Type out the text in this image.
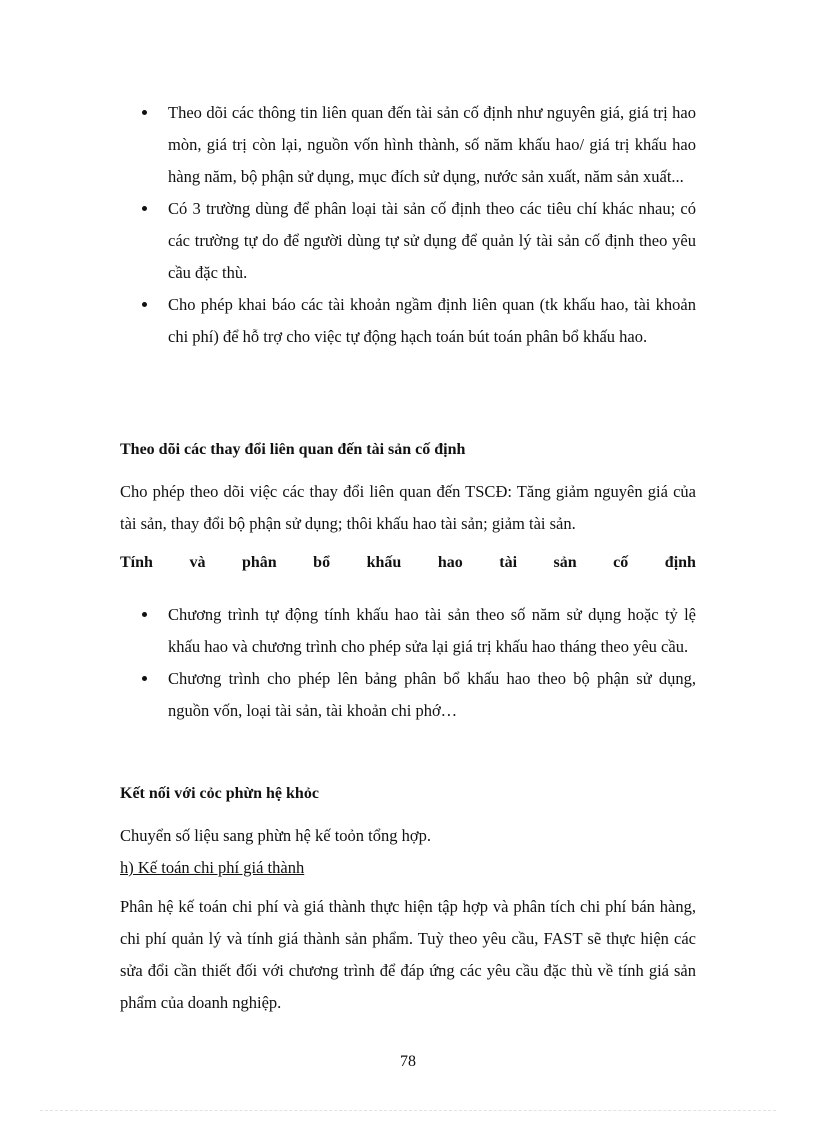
Theo dõi các thông tin liên quan đến tài sản cố định như nguyên giá, giá trị hao mòn, giá trị còn lại, nguồn vốn hình thành, số năm khấu hao/ giá trị khấu hao hàng năm, bộ phận sử dụng, mục đích sử dụng, nước sản xuất, năm sản xuất...
Có 3 trường dùng để phân loại tài sản cố định theo các tiêu chí khác nhau; có các trường tự do để người dùng tự sử dụng để quản lý tài sản cố định theo yêu cầu đặc thù.
Cho phép khai báo các tài khoản ngầm định liên quan (tk khấu hao, tài khoản chi phí) để hỗ trợ cho việc tự động hạch toán bút toán phân bổ khấu hao.
Theo dõi các thay đổi liên quan đến tài sản cố định
Cho phép theo dõi việc các thay đổi liên quan đến TSCĐ: Tăng giảm nguyên giá của tài sản, thay đổi bộ phận sử dụng; thôi khấu hao tài sản; giảm tài sản.
Tính và phân bổ khấu hao tài sản cố định
Chương trình tự động tính khấu hao tài sản theo số năm sử dụng hoặc tỷ lệ khấu hao và chương trình cho phép sửa lại giá trị khấu hao tháng theo yêu cầu.
Chương trình cho phép lên bảng phân bổ khấu hao theo bộ phận sử dụng, nguồn vốn, loại tài sản, tài khoản chi phớ…
Kết nối với cỏc phừn hệ khỏc
Chuyển số liệu sang phừn hệ kế toỏn tổng hợp.
h) Kế toán chi phí giá thành
Phân hệ kế toán chi phí và giá thành thực hiện tập hợp và phân tích chi phí bán hàng, chi phí quản lý và tính giá thành sản phẩm. Tuỳ theo yêu cầu, FAST sẽ thực hiện các sửa đổi cần thiết đối với chương trình để đáp ứng các yêu cầu đặc thù về tính giá sản phẩm của doanh nghiệp.
78
